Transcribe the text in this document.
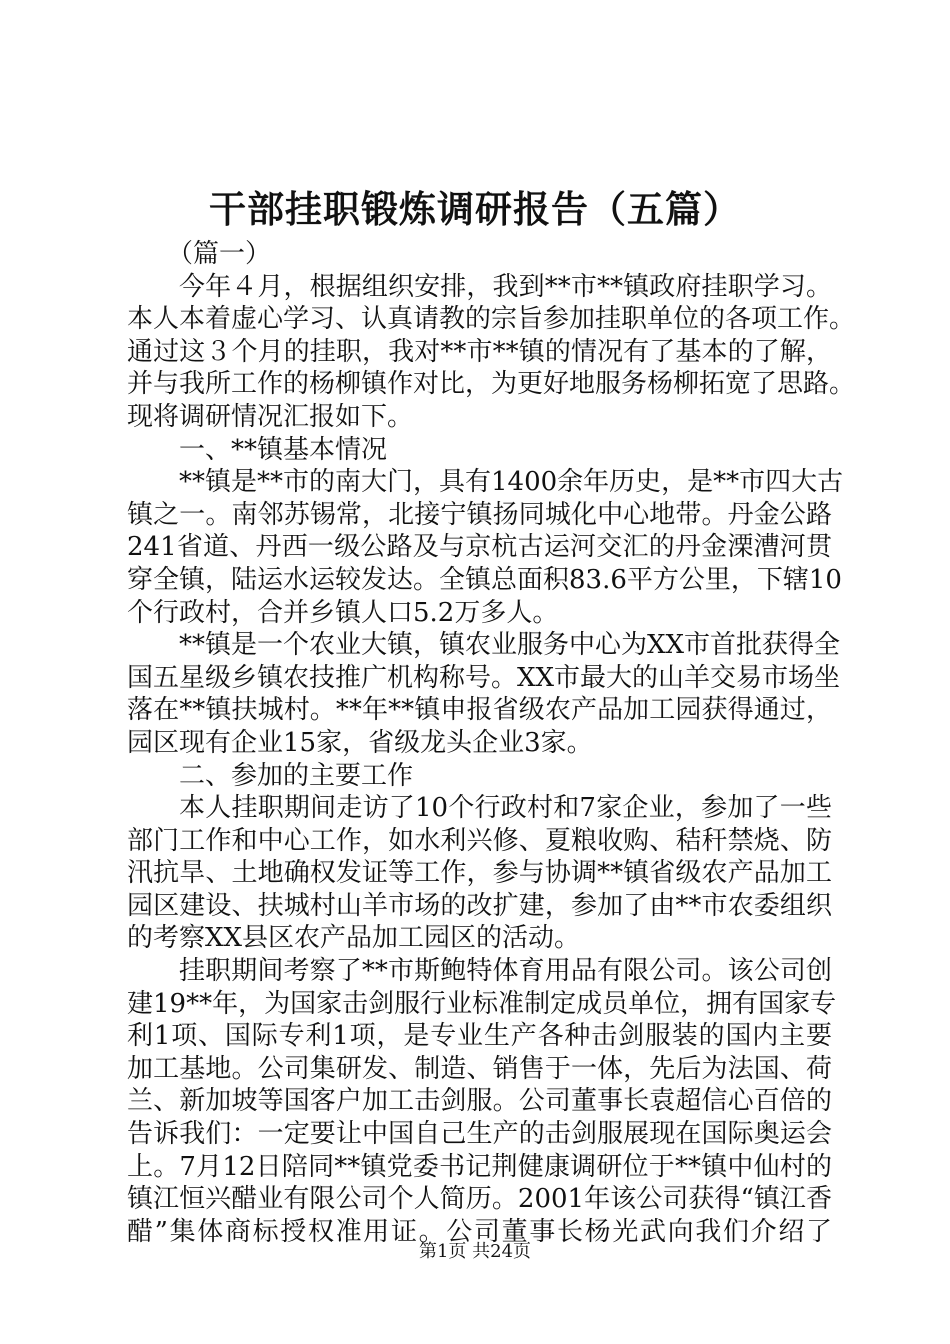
干部挂职锻炼调研报告（五篇）
（篇一）
今年４月，根据组织安排，我到**市**镇政府挂职学习。
本人本着虚心学习、认真请教的宗旨参加挂职单位的各项工作。
通过这３个月的挂职，我对**市**镇的情况有了基本的了解，
并与我所工作的杨柳镇作对比，为更好地服务杨柳拓宽了思路。
现将调研情况汇报如下。
一、**镇基本情况
**镇是**市的南大门，具有1400余年历史，是**市四大古
镇之一。南邻苏锡常，北接宁镇扬同城化中心地带。丹金公路
241省道、丹西一级公路及与京杭古运河交汇的丹金溧漕河贯
穿全镇，陆运水运较发达。全镇总面积83.6平方公里，下辖10
个行政村，合并乡镇人口5.2万多人。
**镇是一个农业大镇，镇农业服务中心为XX市首批获得全
国五星级乡镇农技推广机构称号。XX市最大的山羊交易市场坐
落在**镇扶城村。**年**镇申报省级农产品加工园获得通过，
园区现有企业15家，省级龙头企业3家。
二、参加的主要工作
本人挂职期间走访了10个行政村和7家企业，参加了一些
部门工作和中心工作，如水利兴修、夏粮收购、秸秆禁烧、防
汛抗旱、土地确权发证等工作，参与协调**镇省级农产品加工
园区建设、扶城村山羊市场的改扩建，参加了由**市农委组织
的考察XX县区农产品加工园区的活动。
挂职期间考察了**市斯鲍特体育用品有限公司。该公司创
建19**年，为国家击剑服行业标准制定成员单位，拥有国家专
利1项、国际专利1项，是专业生产各种击剑服装的国内主要
加工基地。公司集研发、制造、销售于一体，先后为法国、荷
兰、新加坡等国客户加工击剑服。公司董事长袁超信心百倍的
告诉我们：一定要让中国自己生产的击剑服展现在国际奥运会
上。7月12日陪同**镇党委书记荆健康调研位于**镇中仙村的
镇江恒兴醋业有限公司个人简历。2001年该公司获得“镇江香
醋”集体商标授权准用证。公司董事长杨光武向我们介绍了
第1页 共24页
